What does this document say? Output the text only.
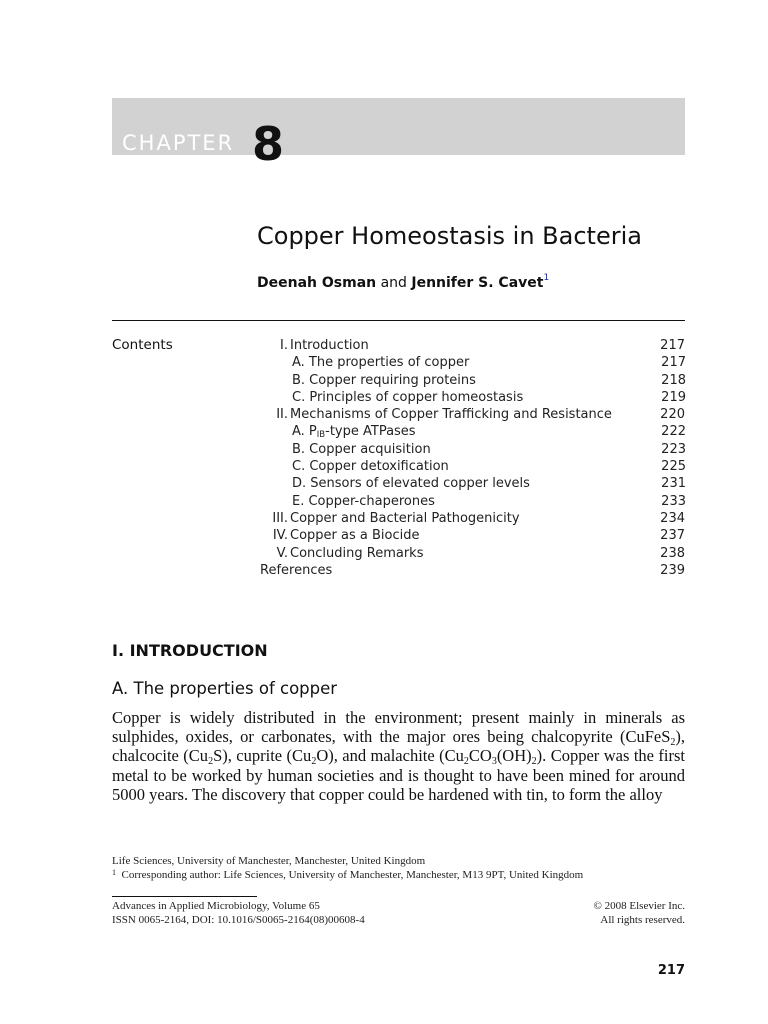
CHAPTER 8
Copper Homeostasis in Bacteria
Deenah Osman and Jennifer S. Cavet$^1$
Contents	I. Introduction	217
A. The properties of copper	217
B. Copper requiring proteins	218
C. Principles of copper homeostasis	219
II. Mechanisms of Copper Trafficking and Resistance	220
A. PIB-type ATPases	222
B. Copper acquisition	223
C. Copper detoxification	225
D. Sensors of elevated copper levels	231
E. Copper-chaperones	233
III. Copper and Bacterial Pathogenicity	234
IV. Copper as a Biocide	237
V. Concluding Remarks	238
References	239
I. INTRODUCTION
A. The properties of copper
Copper is widely distributed in the environment; present mainly in minerals as sulphides, oxides, or carbonates, with the major ores being chalcopyrite (CuFeS$_2$), chalcocite $(Cu_2S)$, cuprite $(Cu_2O)$, and malachite $(Cu_2CO_3(OH)_2)$. Copper was the first metal to be worked by human societies and is thought to have been mined for around 5000 years. The discovery that copper could be hardened with tin, to form the alloy
Life Sciences, University of Manchester, Manchester, United Kingdom
$^1$ Corresponding author: Life Sciences, University of Manchester, Manchester, M13 9PT, United Kingdom
Advances in Applied Microbiology, Volume 65
ISSN 0065-2164, DOI: 10.1016/S0065-2164(08)00608-4
© 2008 Elsevier Inc.
All rights reserved.
217
